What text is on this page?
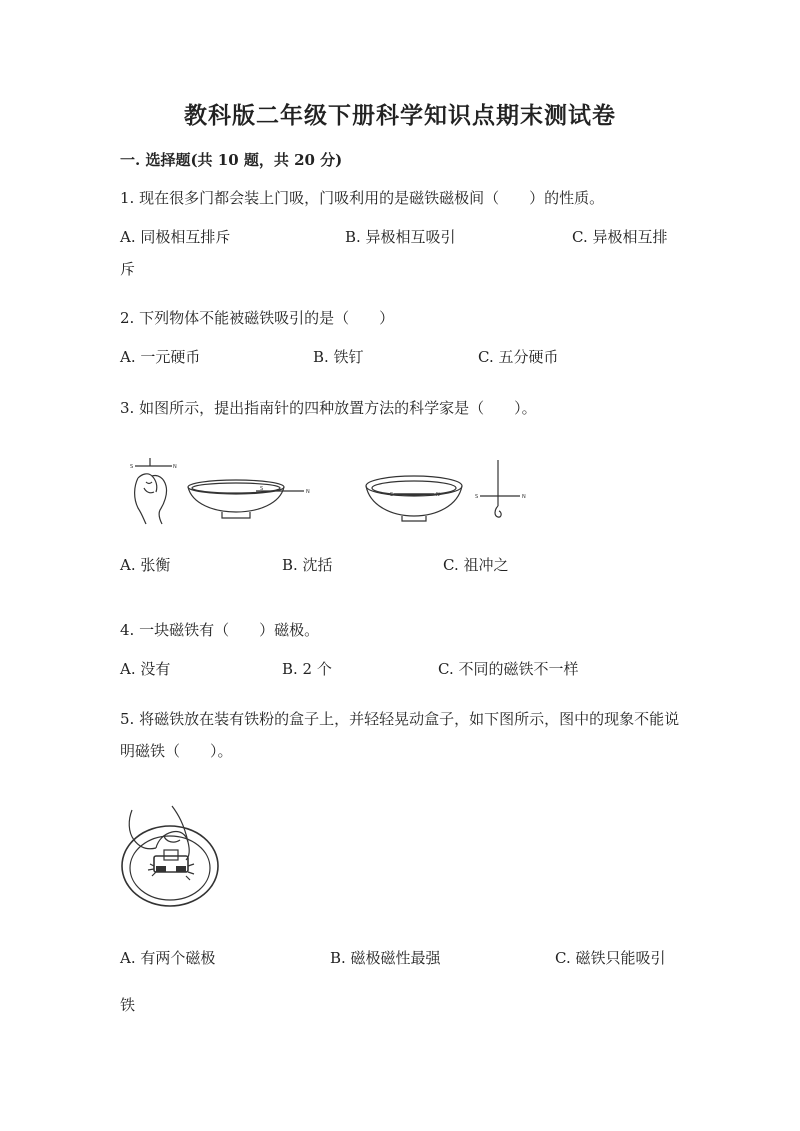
教科版二年级下册科学知识点期末测试卷
一. 选择题(共 10 题，共 20 分)
1. 现在很多门都会装上门吸，门吸利用的是磁铁磁极间（　　）的性质。
A. 同极相互排斥	B. 异极相互吸引	C. 异极相互排
斥
2. 下列物体不能被磁铁吸引的是（　　）
A. 一元硬币	B. 铁钉	C. 五分硬币
3. 如图所示，提出指南针的四种放置方法的科学家是（　　）。
S	N
S	N	S	N	S	N
A. 张衡	B. 沈括	C. 祖冲之
4. 一块磁铁有（　　）磁极。
A. 没有	B. 2 个	C. 不同的磁铁不一样
5. 将磁铁放在装有铁粉的盒子上，并轻轻晃动盒子，如下图所示，图中的现象不能说明磁铁（　　）。
A. 有两个磁极	B. 磁极磁性最强	C. 磁铁只能吸引
铁
